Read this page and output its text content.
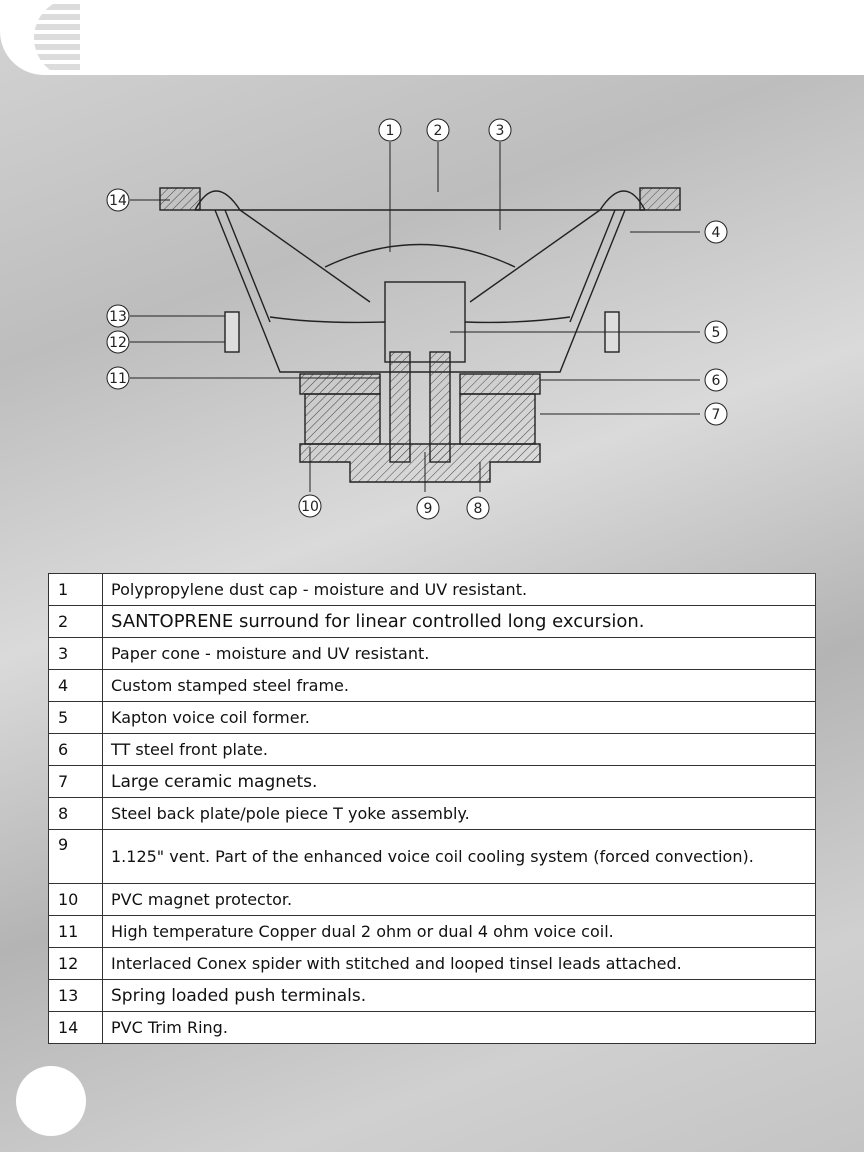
1	2	3
4
5
6
7
8
9
10
11
12
13
14
1	Polypropylene dust cap - moisture and UV resistant.
2	SANTOPRENE surround for linear controlled long excursion.
3	Paper cone - moisture and UV resistant.
4	Custom stamped steel frame.
5	Kapton voice coil former.
6	TT steel front plate.
7	Large ceramic magnets.
8	Steel back plate/pole piece T yoke assembly.
9	1.125" vent. Part of the enhanced voice coil cooling system (forced convection).
10	PVC magnet protector.
11	High temperature Copper dual 2 ohm or dual 4 ohm voice coil.
12	Interlaced Conex spider with stitched and looped tinsel leads attached.
13	Spring loaded push terminals.
14	PVC Trim Ring.
